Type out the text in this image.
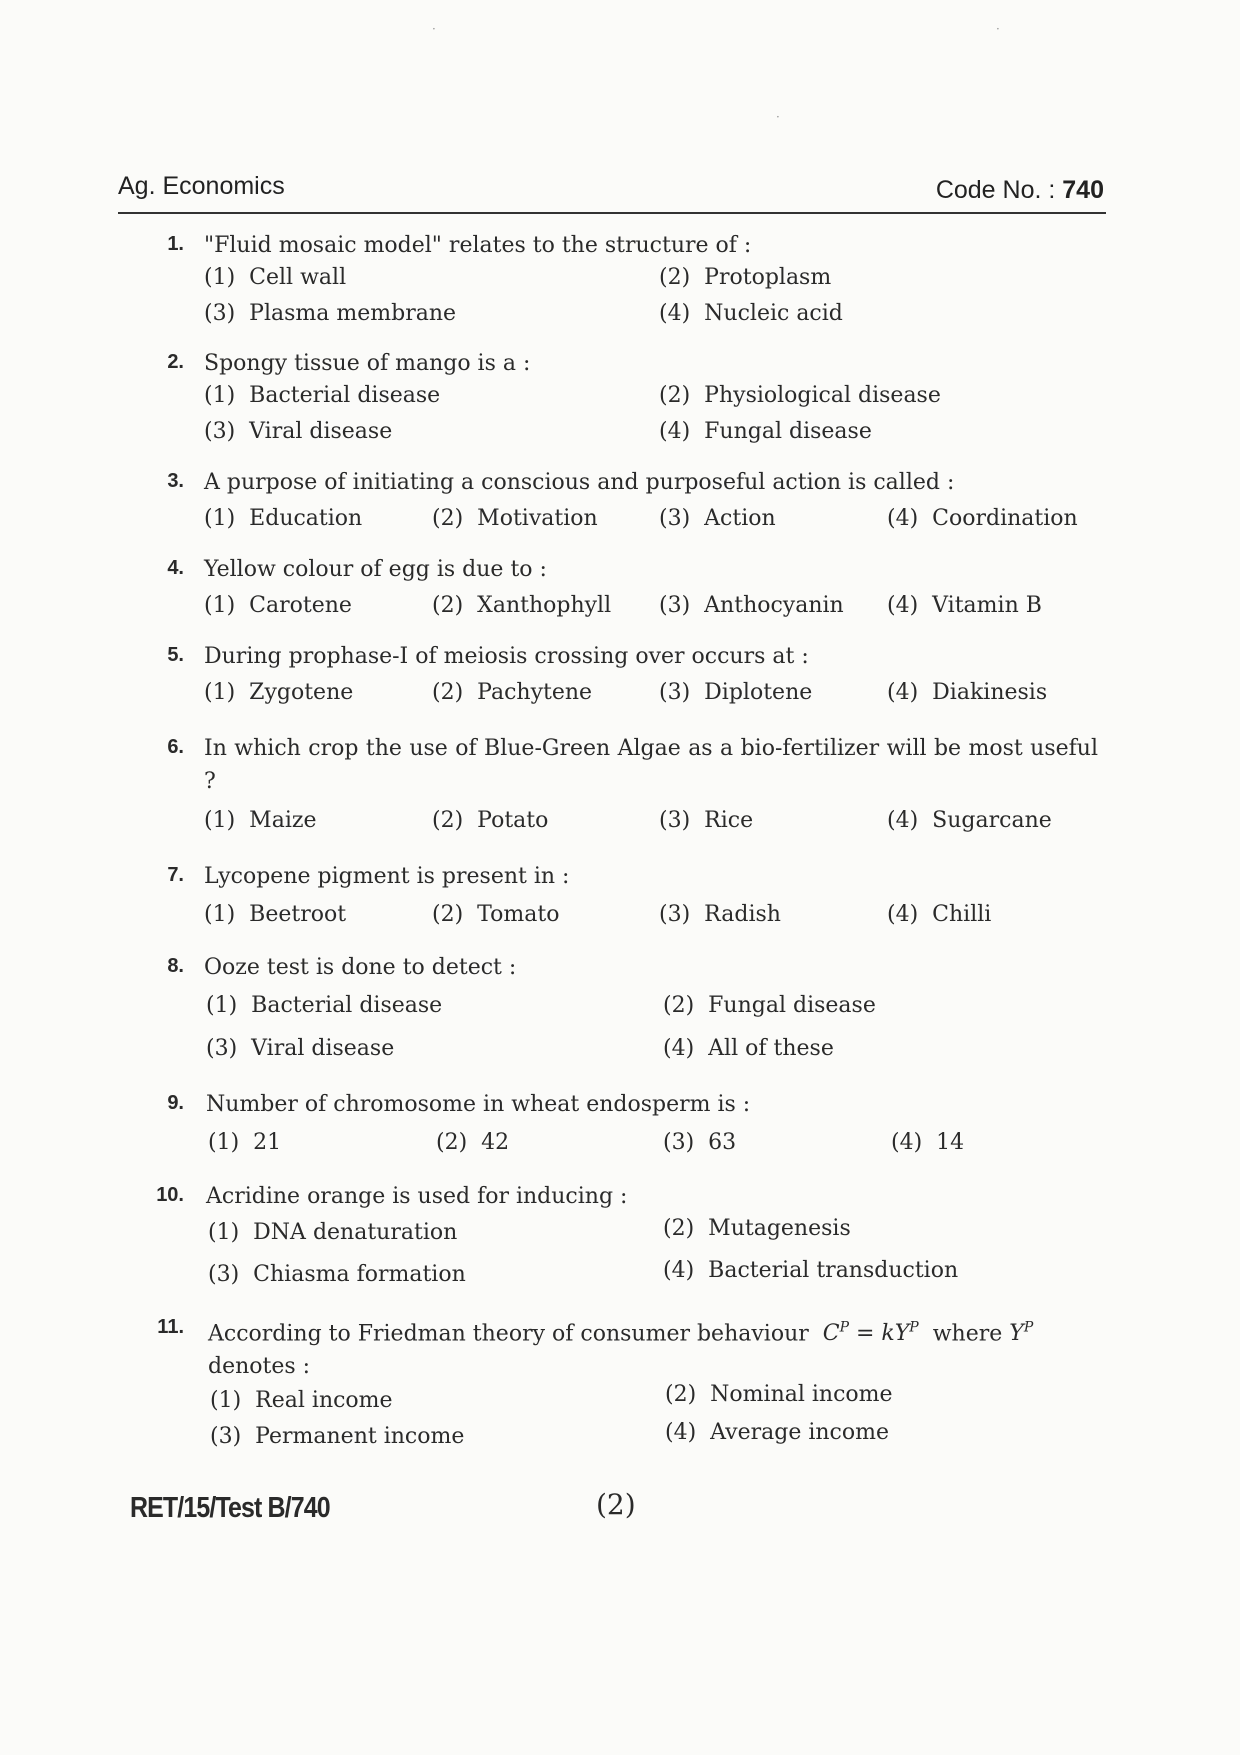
·	·
·
Ag. Economics	Code No. : 740
1. "Fluid mosaic model" relates to the structure of :
(1) Cell wall	(2) Protoplasm
(3) Plasma membrane	(4) Nucleic acid
2. Spongy tissue of mango is a :
(1) Bacterial disease	(2) Physiological disease
(3) Viral disease	(4) Fungal disease
3. A purpose of initiating a conscious and purposeful action is called :
(1) Education	(2) Motivation	(3) Action	(4) Coordination
4. Yellow colour of egg is due to :
(1) Carotene	(2) Xanthophyll (3) Anthocyanin (4) Vitamin B
5. During prophase-I of meiosis crossing over occurs at :
(1) Zygotene	(2) Pachytene	(3) Diplotene	(4) Diakinesis
6. In which crop the use of Blue-Green Algae as a bio-fertilizer will be most useful ?
(1) Maize	(2) Potato	(3) Rice	(4) Sugarcane
7. Lycopene pigment is present in :
(1) Beetroot	(2) Tomato	(3) Radish	(4) Chilli
8. Ooze test is done to detect :
(1) Bacterial disease	(2) Fungal disease
(3) Viral disease	(4) All of these
9. Number of chromosome in wheat endosperm is :
(1) 21	(2) 42	(3) 63	(4) 14
10. Acridine orange is used for inducing :
(1) DNA denaturation	(2) Mutagenesis
(3) Chiasma formation	(4) Bacterial transduction
11. According to Friedman theory of consumer behaviour  $C^P = kY^P$ where $Y^P$
denotes :
(1) Real income	(2) Nominal income
(3) Permanent income	(4) Average income
RET/15/Test B/740	(2)
